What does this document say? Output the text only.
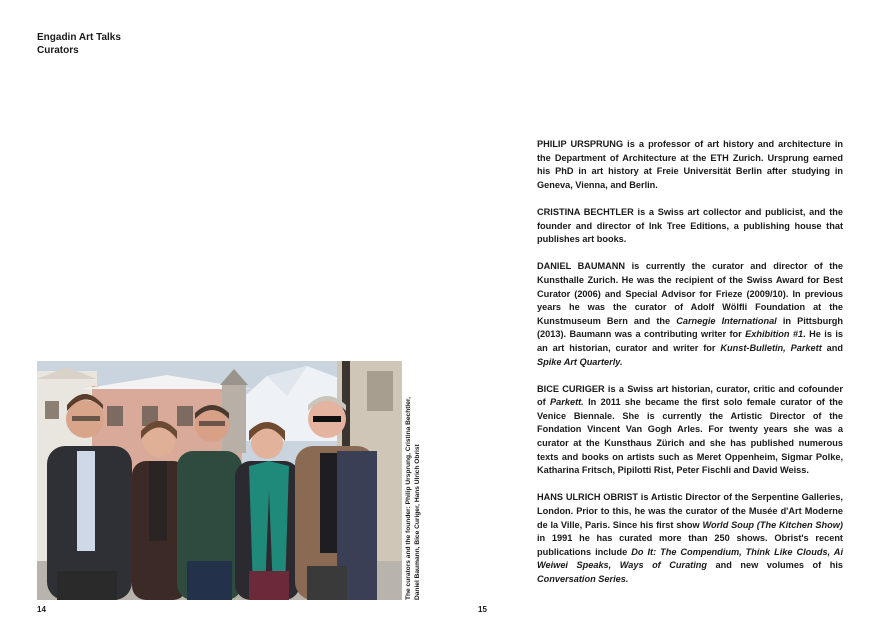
Engadin Art Talks
Curators
The curators and the founder: Philip Ursprung, Cristina Bechtler, Daniel Baumann, Bice Curiger, Hans Ulrich Obrist
14

PHILIP URSPRUNG is a professor of art history and architecture in the Department of Architecture at the ETH Zurich. Ursprung earned his PhD in art history at Freie Universität Berlin after studying in Geneva, Vienna, and Berlin.

CRISTINA BECHTLER is a Swiss art collector and publicist, and the founder and director of Ink Tree Editions, a publishing house that publishes art books.

DANIEL BAUMANN is currently the curator and director of the Kunsthalle Zurich. He was the recipient of the Swiss Award for Best Curator (2006) and Special Advisor for Frieze (2009/10). In previous years he was the curator of Adolf Wölfli Foundation at the Kunstmuseum Bern and the Carnegie International in Pittsburgh (2013). Baumann was a contributing writer for Exhibition #1. He is is an art historian, curator and writer for Kunst-Bulletin, Parkett and Spike Art Quarterly.

BICE CURIGER is a Swiss art historian, curator, critic and cofounder of Parkett. In 2011 she became the first solo female curator of the Venice Biennale. She is currently the Artistic Director of the Fondation Vincent Van Gogh Arles. For twenty years she was a curator at the Kunsthaus Zürich and she has published numerous texts and books on artists such as Meret Oppenheim, Sigmar Polke, Katharina Fritsch, Pipilotti Rist, Peter Fischli and David Weiss.

HANS ULRICH OBRIST is Artistic Director of the Serpentine Galleries, London. Prior to this, he was the curator of the Musée d'Art Moderne de la Ville, Paris. Since his first show World Soup (The Kitchen Show) in 1991 he has curated more than 250 shows. Obrist's recent publications include Do It: The Compendium, Think Like Clouds, Ai Weiwei Speaks, Ways of Curating and new volumes of his Conversation Series.

15
